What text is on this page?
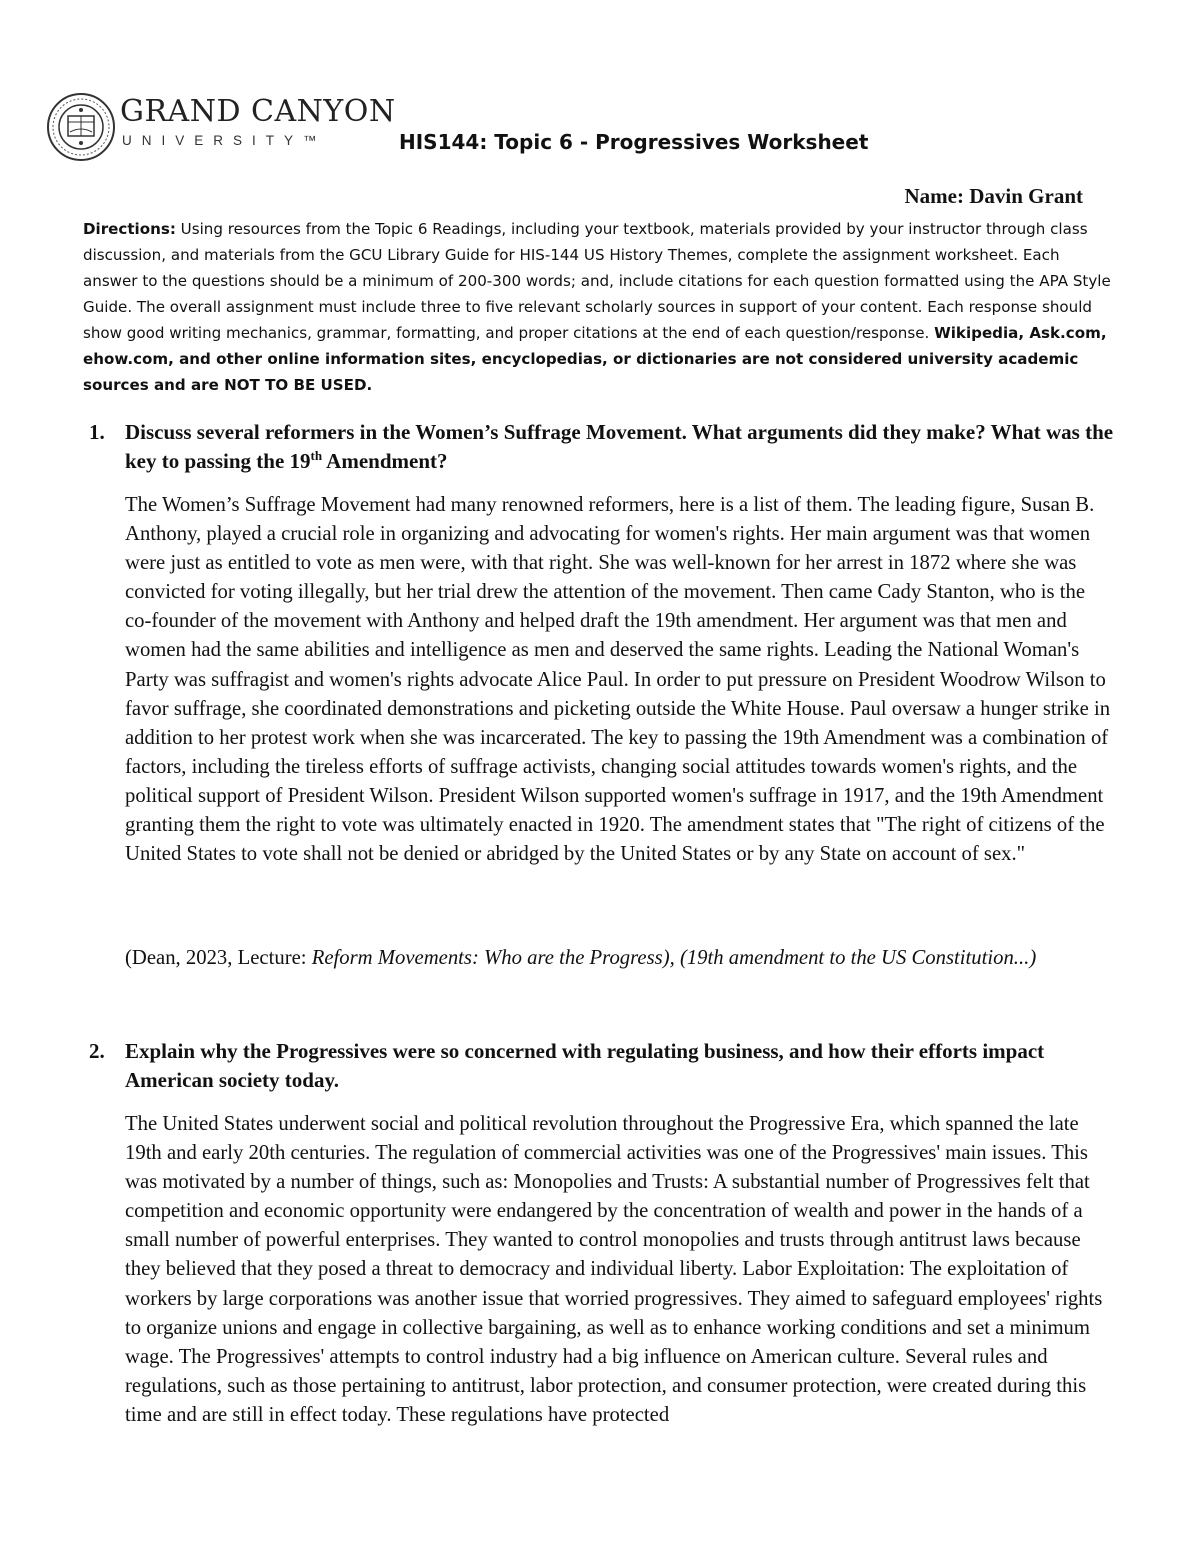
GRAND CANYON
UNIVERSITY™	HIS144: Topic 6 - Progressives Worksheet
Name: Davin Grant
Directions: Using resources from the Topic 6 Readings, including your textbook, materials provided by your instructor through class discussion, and materials from the GCU Library Guide for HIS-144 US History Themes, complete the assignment worksheet. Each answer to the questions should be a minimum of 200-300 words; and, include citations for each question formatted using the APA Style Guide. The overall assignment must include three to five relevant scholarly sources in support of your content. Each response should show good writing mechanics, grammar, formatting, and proper citations at the end of each question/response. Wikipedia, Ask.com, ehow.com, and other online information sites, encyclopedias, or dictionaries are not considered university academic sources and are NOT TO BE USED.
1. Discuss several reformers in the Women’s Suffrage Movement. What arguments did they make? What was the key to passing the 19th Amendment?
The Women’s Suffrage Movement had many renowned reformers, here is a list of them. The leading figure, Susan B. Anthony, played a crucial role in organizing and advocating for women's rights. Her main argument was that women were just as entitled to vote as men were, with that right. She was well-known for her arrest in 1872 where she was convicted for voting illegally, but her trial drew the attention of the movement. Then came Cady Stanton, who is the co-founder of the movement with Anthony and helped draft the 19th amendment. Her argument was that men and women had the same abilities and intelligence as men and deserved the same rights. Leading the National Woman's Party was suffragist and women's rights advocate Alice Paul. In order to put pressure on President Woodrow Wilson to favor suffrage, she coordinated demonstrations and picketing outside the White House. Paul oversaw a hunger strike in addition to her protest work when she was incarcerated. The key to passing the 19th Amendment was a combination of factors, including the tireless efforts of suffrage activists, changing social attitudes towards women's rights, and the political support of President Wilson. President Wilson supported women's suffrage in 1917, and the 19th Amendment granting them the right to vote was ultimately enacted in 1920. The amendment states that "The right of citizens of the United States to vote shall not be denied or abridged by the United States or by any State on account of sex."
(Dean, 2023, Lecture: Reform Movements: Who are the Progress), (19th amendment to the US Constitution...)
2. Explain why the Progressives were so concerned with regulating business, and how their efforts impact American society today.
The United States underwent social and political revolution throughout the Progressive Era, which spanned the late 19th and early 20th centuries. The regulation of commercial activities was one of the Progressives' main issues. This was motivated by a number of things, such as: Monopolies and Trusts: A substantial number of Progressives felt that competition and economic opportunity were endangered by the concentration of wealth and power in the hands of a small number of powerful enterprises. They wanted to control monopolies and trusts through antitrust laws because they believed that they posed a threat to democracy and individual liberty. Labor Exploitation: The exploitation of workers by large corporations was another issue that worried progressives. They aimed to safeguard employees' rights to organize unions and engage in collective bargaining, as well as to enhance working conditions and set a minimum wage. The Progressives' attempts to control industry had a big influence on American culture. Several rules and regulations, such as those pertaining to antitrust, labor protection, and consumer protection, were created during this time and are still in effect today. These regulations have protected
